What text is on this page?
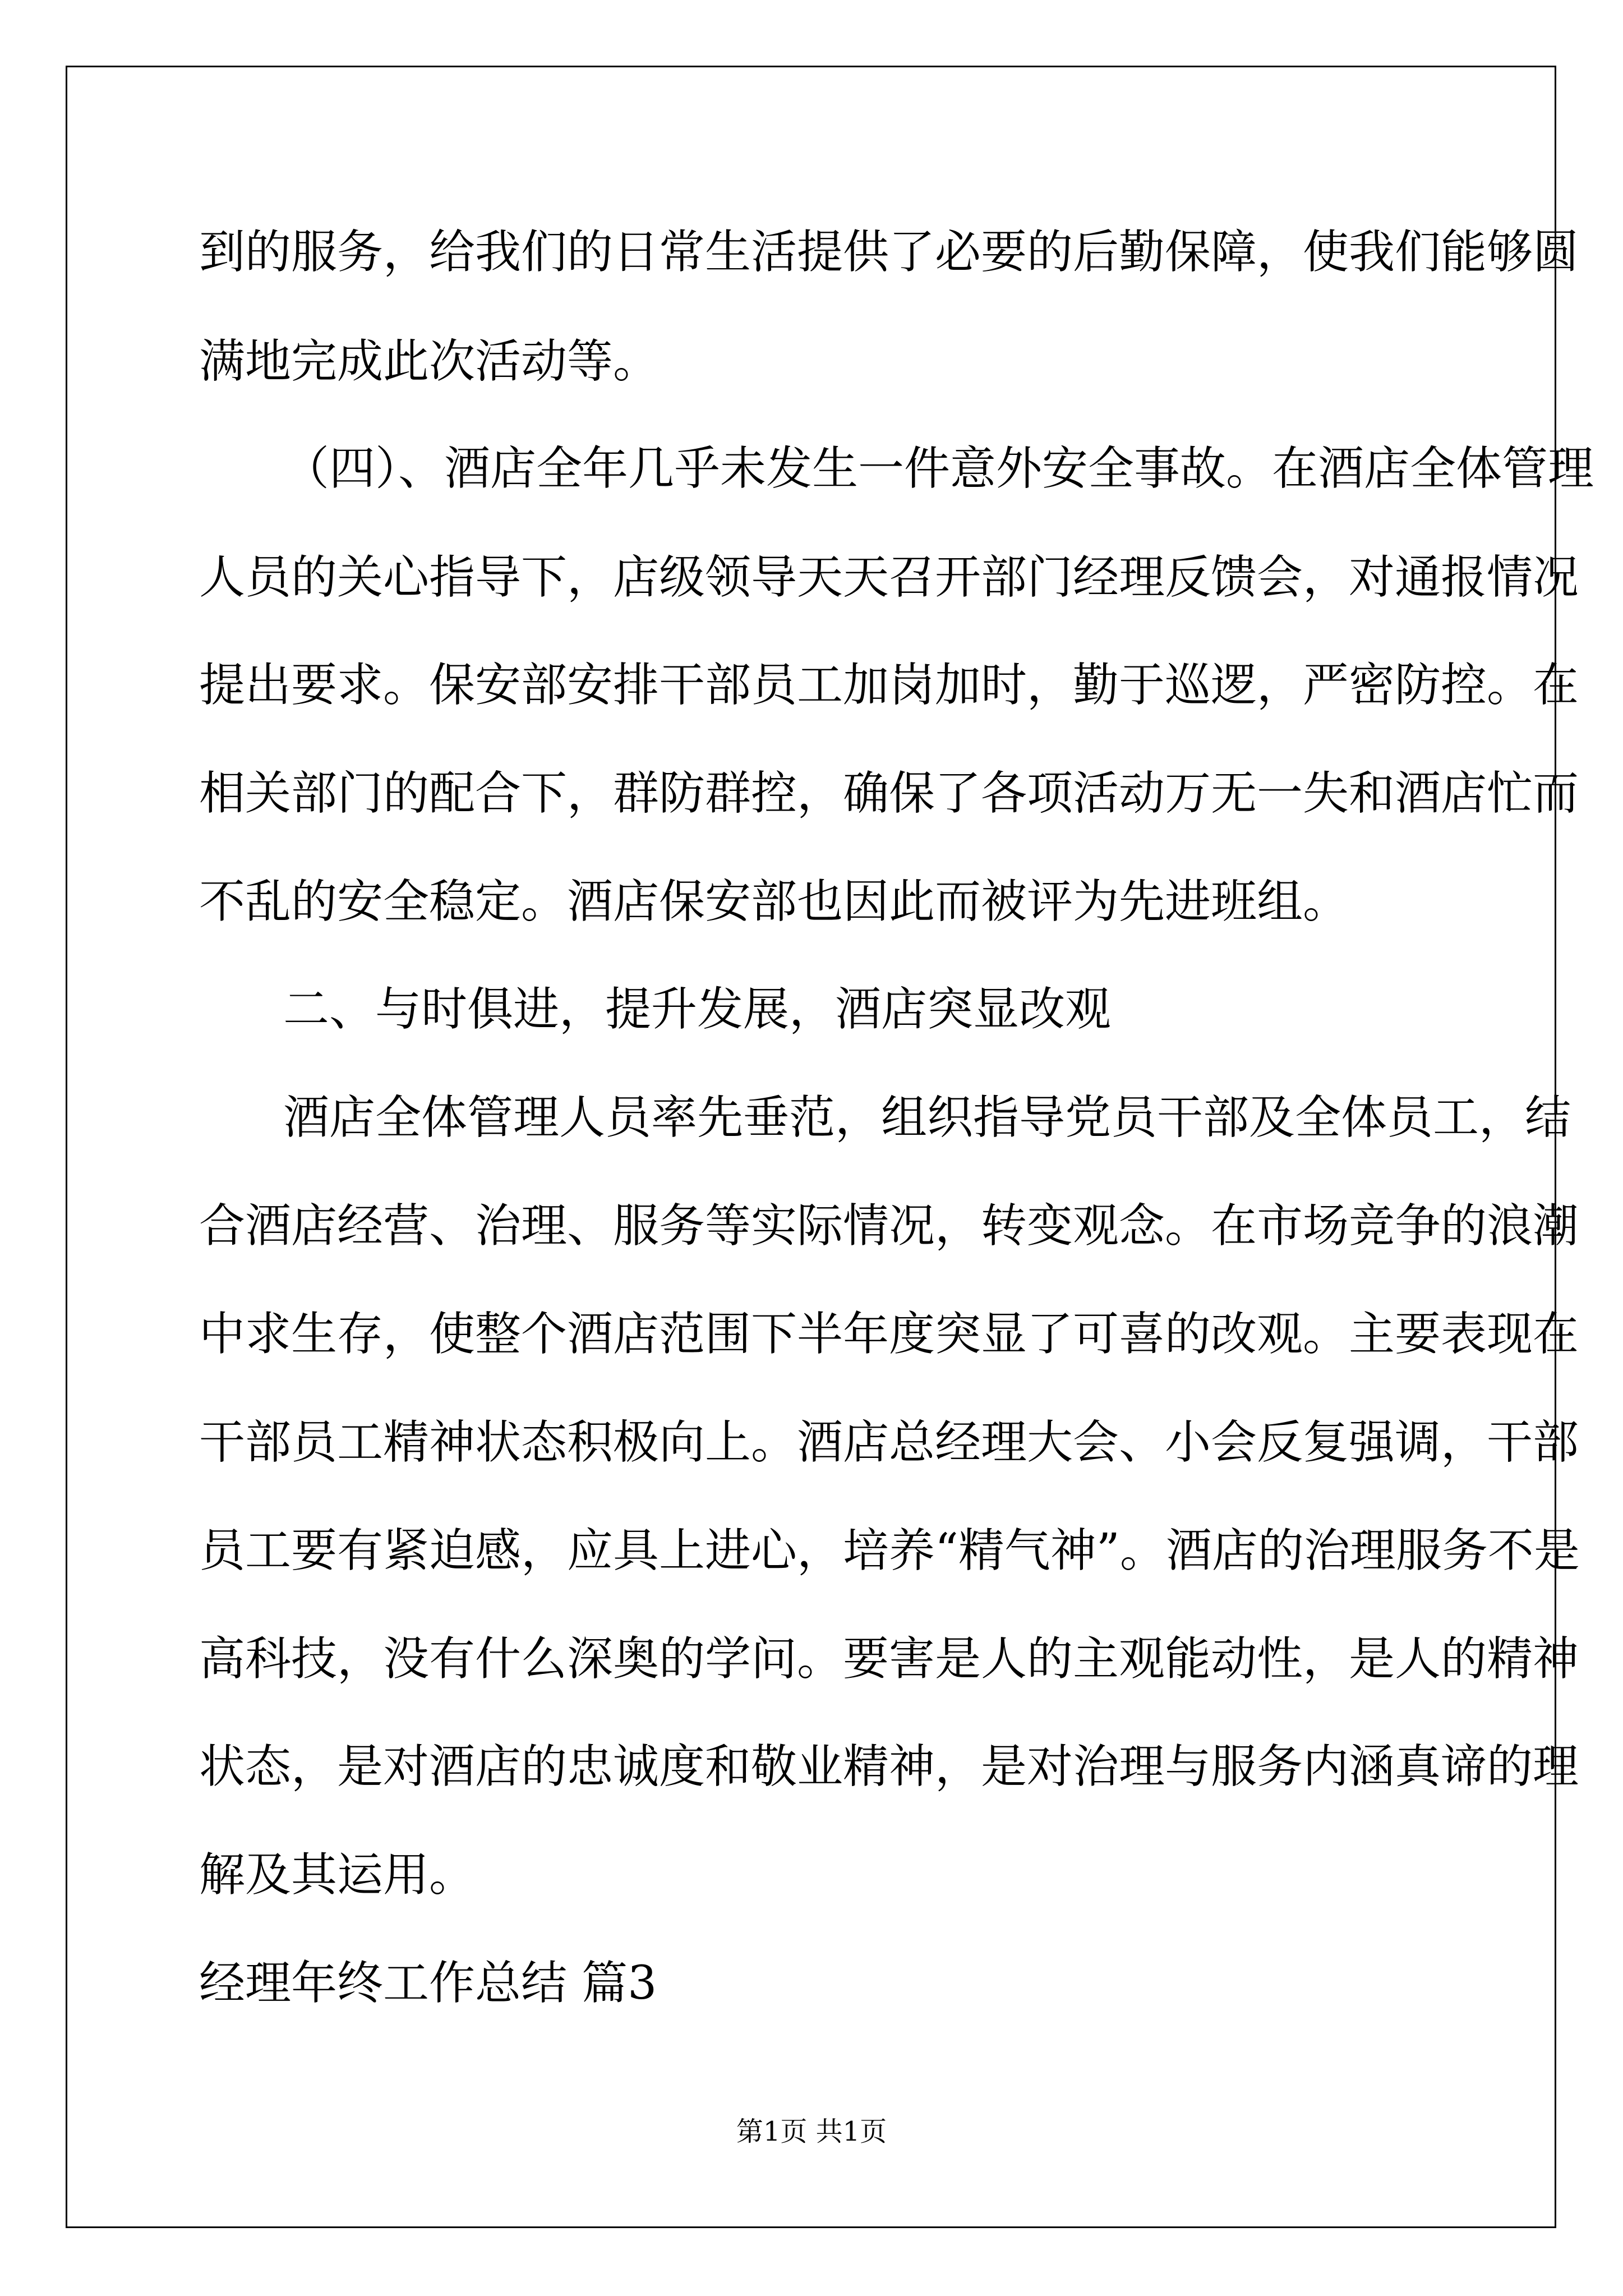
到的服务，给我们的日常生活提供了必要的后勤保障，使我们能够圆
满地完成此次活动等。
（四）、酒店全年几乎未发生一件意外安全事故。在酒店全体管理
人员的关心指导下，店级领导天天召开部门经理反馈会，对通报情况
提出要求。保安部安排干部员工加岗加时，勤于巡逻，严密防控。在
相关部门的配合下，群防群控，确保了各项活动万无一失和酒店忙而
不乱的安全稳定。酒店保安部也因此而被评为先进班组。
二、与时俱进，提升发展，酒店突显改观
酒店全体管理人员率先垂范，组织指导党员干部及全体员工，结
合酒店经营、治理、服务等实际情况，转变观念。在市场竞争的浪潮
中求生存，使整个酒店范围下半年度突显了可喜的改观。主要表现在
干部员工精神状态积极向上。酒店总经理大会、小会反复强调，干部
员工要有紧迫感，应具上进心，培养“精气神”。酒店的治理服务不是
高科技，没有什么深奥的学问。要害是人的主观能动性，是人的精神
状态，是对酒店的忠诚度和敬业精神，是对治理与服务内涵真谛的理
解及其运用。
经理年终工作总结 篇3
第1页 共1页
